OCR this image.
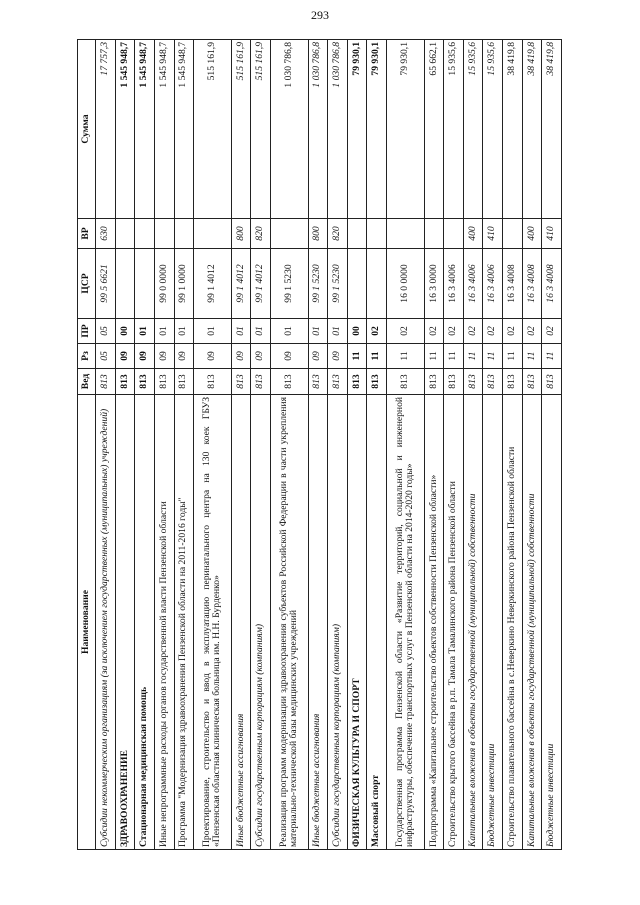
293
Наименование	Вед	Рз	ПР	ЦСР	ВР	Сумма
Субсидии некоммерческим организациям (за исключением государственных (муниципальных) учреждений)	813	05	05	99 5 6621	630	17 757,3
ЗДРАВООХРАНЕНИЕ	813	09	00			1 545 948,7
Стационарная медицинская помощь	813	09	01			1 545 948,7
Иные непрограммные расходы органов государственной власти Пензенской области	813	09	01	99 0 0000		1 545 948,7
Программа "Модернизация здравоохранения Пензенской области на 2011-2016 годы"	813	09	01	99 1 0000		1 545 948,7
Проектирование, строительство и ввод в эксплуатацию перинатального центра на 130 коек ГБУЗ «Пензенская областная клиническая больница им. Н.Н. Бурденко»	813	09	01	99 1 4012		515 161,9
Иные бюджетные ассигнования	813	09	01	99 1 4012	800	515 161,9
Субсидии государственным корпорациям (компаниям)	813	09	01	99 1 4012	820	515 161,9
Реализация программ модернизации здравоохранения субъектов Российской Федерации в части укрепления материально-технической базы медицинских учреждений	813	09	01	99 1 5230		1 030 786,8
Иные бюджетные ассигнования	813	09	01	99 1 5230	800	1 030 786,8
Субсидии государственным корпорациям (компаниям)	813	09	01	99 1 5230	820	1 030 786,8
ФИЗИЧЕСКАЯ КУЛЬТУРА И СПОРТ	813	11	00			79 930,1
Массовый спорт	813	11	02			79 930,1
Государственная программа Пензенской области «Развитие территорий, социальной и инженерной инфраструктуры, обеспечение транспортных услуг в Пензенской области на 2014-2020 годы»	813	11	02	16 0 0000		79 930,1
Подпрограмма «Капитальное строительство объектов собственности Пензенской области»	813	11	02	16 3 0000		65 662,1
Строительство крытого бассейна в р.п. Тамала Тамалинского района Пензенской области	813	11	02	16 3 4006		15 935,6
Капитальные вложения в объекты государственной (муниципальной) собственности	813	11	02	16 3 4006	400	15 935,6
Бюджетные инвестиции	813	11	02	16 3 4006	410	15 935,6
Строительство плавательного бассейна в с.Неверкино Неверкинского района Пензенской области	813	11	02	16 3 4008		38 419,8
Капитальные вложения в объекты государственной (муниципальной) собственности	813	11	02	16 3 4008	400	38 419,8
Бюджетные инвестиции	813	11	02	16 3 4008	410	38 419,8
